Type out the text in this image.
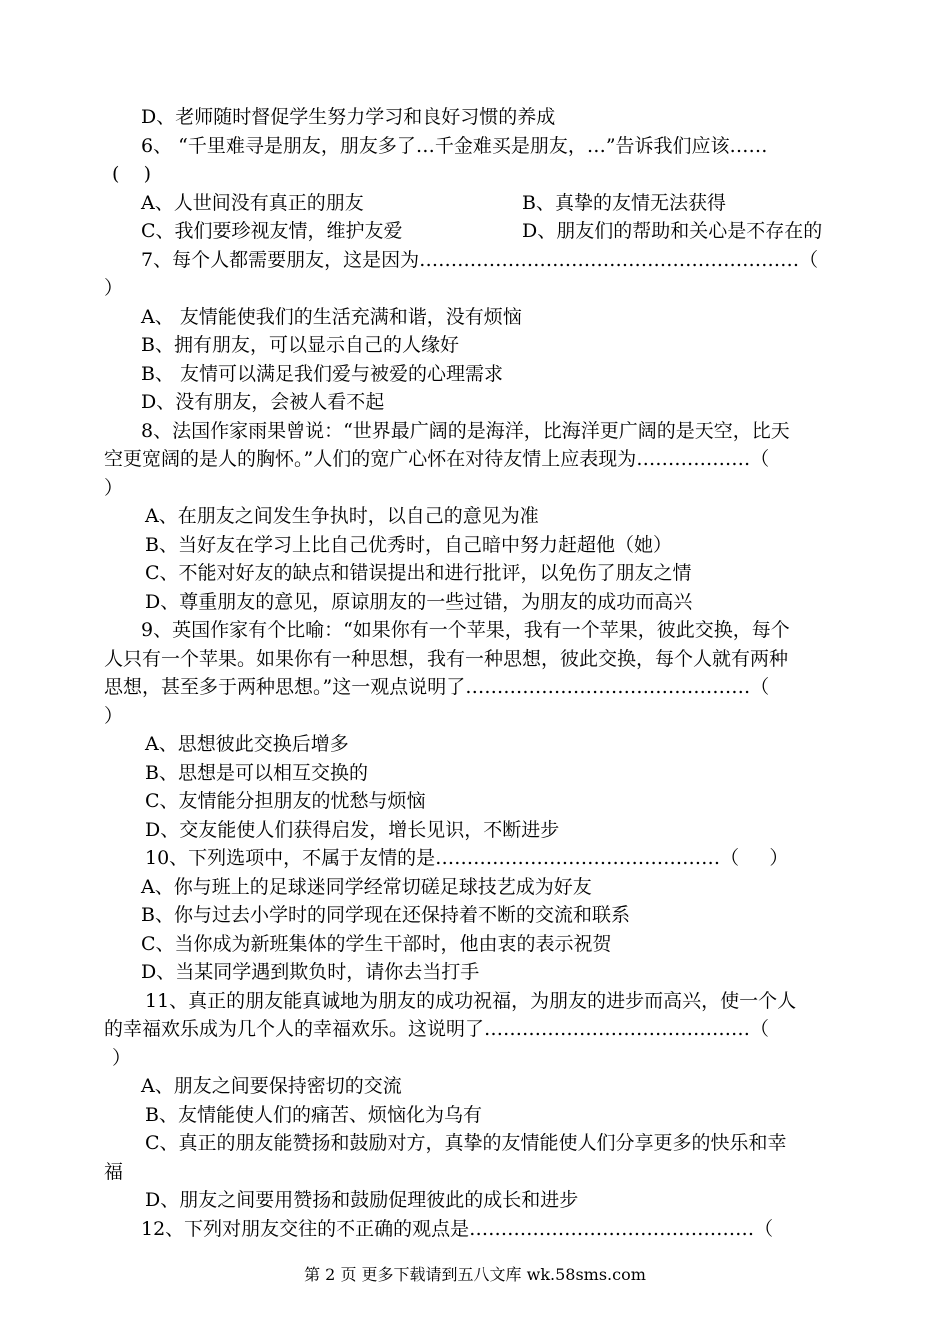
D、老师随时督促学生努力学习和良好习惯的养成
6、 “千里难寻是朋友，朋友多了…千金难买是朋友，…”告诉我们应该……
(    )
A、人世间没有真正的朋友	B、真挚的友情无法获得
C、我们要珍视友情，维护友爱	D、朋友们的帮助和关心是不存在的
7、每个人都需要朋友，这是因为……………………………………………………（
）
A、 友情能使我们的生活充满和谐，没有烦恼
B、拥有朋友，可以显示自己的人缘好
B、 友情可以满足我们爱与被爱的心理需求
D、没有朋友，会被人看不起
8、法国作家雨果曾说：“世界最广阔的是海洋，比海洋更广阔的是天空，比天
空更宽阔的是人的胸怀。”人们的宽广心怀在对待友情上应表现为………………（
）
A、在朋友之间发生争执时，以自己的意见为准
B、当好友在学习上比自己优秀时，自己暗中努力赶超他（她）
C、不能对好友的缺点和错误提出和进行批评，以免伤了朋友之情
D、尊重朋友的意见，原谅朋友的一些过错，为朋友的成功而高兴
9、英国作家有个比喻：“如果你有一个苹果，我有一个苹果，彼此交换，每个
人只有一个苹果。如果你有一种思想，我有一种思想，彼此交换，每个人就有两种
思想，甚至多于两种思想。”这一观点说明了………………………………………（
）
A、思想彼此交换后增多
B、思想是可以相互交换的
C、友情能分担朋友的忧愁与烦恼
D、交友能使人们获得启发，增长见识，不断进步
10、下列选项中，不属于友情的是………………………………………（     ）
A、你与班上的足球迷同学经常切磋足球技艺成为好友
B、你与过去小学时的同学现在还保持着不断的交流和联系
C、当你成为新班集体的学生干部时，他由衷的表示祝贺
D、当某同学遇到欺负时，请你去当打手
11、真正的朋友能真诚地为朋友的成功祝福，为朋友的进步而高兴，使一个人
的幸福欢乐成为几个人的幸福欢乐。这说明了……………………………………（
）
A、朋友之间要保持密切的交流
B、友情能使人们的痛苦、烦恼化为乌有
C、真正的朋友能赞扬和鼓励对方，真挚的友情能使人们分享更多的快乐和幸
福
D、朋友之间要用赞扬和鼓励促理彼此的成长和进步
12、下列对朋友交往的不正确的观点是………………………………………（
第 2 页 更多下载请到五八文库 wk.58sms.com
